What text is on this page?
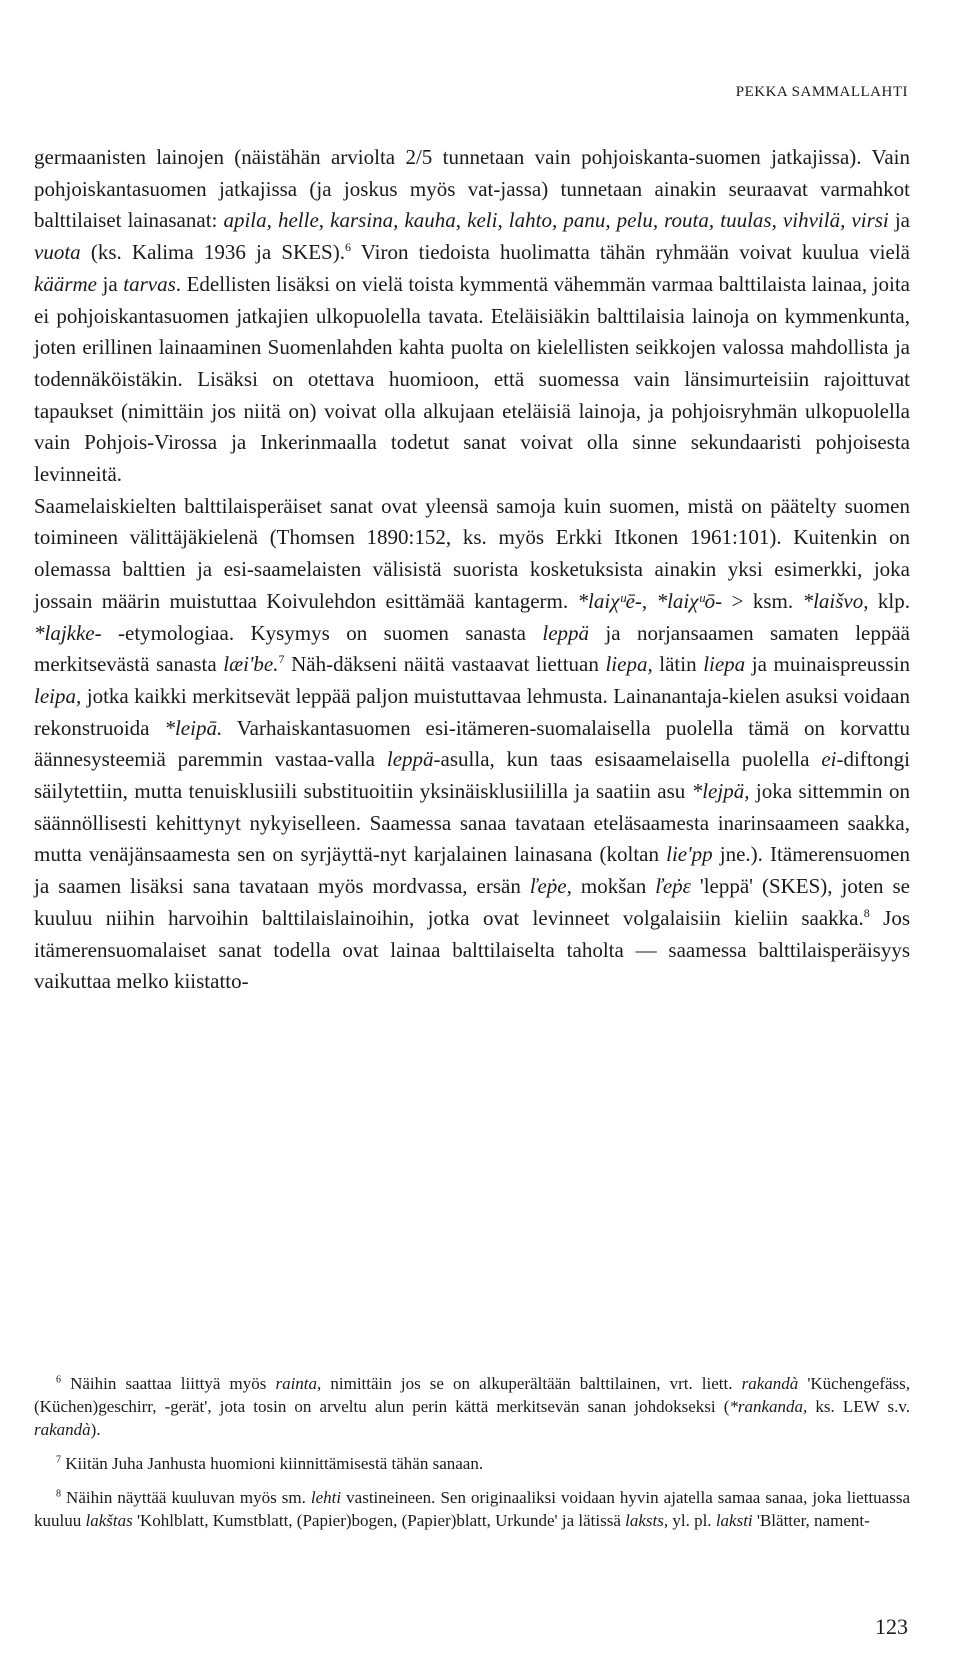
PEKKA SAMMALLAHTI

germaanisten lainojen (näistähän arviolta 2/5 tunnetaan vain pohjoiskanta-suomen jatkajissa). Vain pohjoiskantasuomen jatkajissa (ja joskus myös vat-jassa) tunnetaan ainakin seuraavat varmahkot balttilaiset lainasanat: apila, helle, karsina, kauha, keli, lahto, panu, pelu, routa, tuulas, vihvilä, virsi ja vuota (ks. Kalima 1936 ja SKES).$^6$ Viron tiedoista huolimatta tähän ryhmään voivat kuulua vielä käärme ja tarvas. Edellisten lisäksi on vielä toista kymmentä vähemmän varmaa balttilaista lainaa, joita ei pohjoiskantasuomen jatkajien ulkopuolella tavata. Eteläisiäkin balttilaisia lainoja on kymmenkunta, joten erillinen lainaaminen Suomenlahden kahta puolta on kielellisten seikkojen valossa mahdollista ja todennäköistäkin. Lisäksi on otettava huomioon, että suomessa vain länsimurteisiin rajoittuvat tapaukset (nimittäin jos niitä on) voivat olla alkujaan eteläisiä lainoja, ja pohjoisryhmän ulkopuolella vain Pohjois-Virossa ja Inkerinmaalla todetut sanat voivat olla sinne sekundaaristi pohjoisesta levinneitä.

Saamelaiskielten balttilaisperäiset sanat ovat yleensä samoja kuin suomen, mistä on päätelty suomen toimineen välittäjäkielenä (Thomsen 1890:152, ks. myös Erkki Itkonen 1961:101). Kuitenkin on olemassa balttien ja esi-saamelaisten välisistä suorista kosketuksista ainakin yksi esimerkki, joka jossain määrin muistuttaa Koivulehdon esittämää kantagerm. *laiχᵘē-, *laiχᵘō- > ksm. *laišvo, klp. *lajkke- -etymologiaa. Kysymys on suomen sanasta leppä ja norjansaamen samaten leppää merkitsevästä sanasta læi'be.$^7$ Näh-däkseni näitä vastaavat liettuan liepa, lätin liepa ja muinaispreussin leipa, jotka kaikki merkitsevät leppää paljon muistuttavaa lehmusta. Lainanantaja-kielen asuksi voidaan rekonstruoida *leipā. Varhaiskantasuomen esi-itämeren-suomalaisella puolella tämä on korvattu äännesysteemiä paremmin vastaa-valla leppä-asulla, kun taas esisaamelaisella puolella ei-diftongi säilytettiin, mutta tenuisklusiili substituoitiin yksinäisklusiililla ja saatiin asu *lejpä, joka sittemmin on säännöllisesti kehittynyt nykyiselleen. Saamessa sanaa tavataan eteläsaamesta inarinsaameen saakka, mutta venäjänsaamesta sen on syrjäyttä-nyt karjalainen lainasana (koltan lie'pp jne.). Itämerensuomen ja saamen lisäksi sana tavataan myös mordvassa, ersän ľeṗe, mokšan ľeṗε 'leppä' (SKES), joten se kuuluu niihin harvoihin balttilaislainoihin, jotka ovat levinneet volgalaisiin kieliin saakka.$^8$ Jos itämerensuomalaiset sanat todella ovat lainaa balttilaiselta taholta — saamessa balttilaisperäisyys vaikuttaa melko kiistatto-

$^6$ Näihin saattaa liittyä myös rainta, nimittäin jos se on alkuperältään balttilainen, vrt. liett. rakandà 'Küchengefäss, (Küchen)geschirr, -gerät', jota tosin on arveltu alun perin kättä merkitsevän sanan johdokseksi (*rankanda, ks. LEW s.v. rakandà).

$^7$ Kiitän Juha Janhusta huomioni kiinnittämisestä tähän sanaan.

$^8$ Näihin näyttää kuuluvan myös sm. lehti vastineineen. Sen originaaliksi voidaan hyvin ajatella samaa sanaa, joka liettuassa kuuluu lakštas 'Kohlblatt, Kumstblatt, (Papier)bogen, (Papier)blatt, Urkunde' ja lätissä laksts, yl. pl. laksti 'Blätter, nament-

123
